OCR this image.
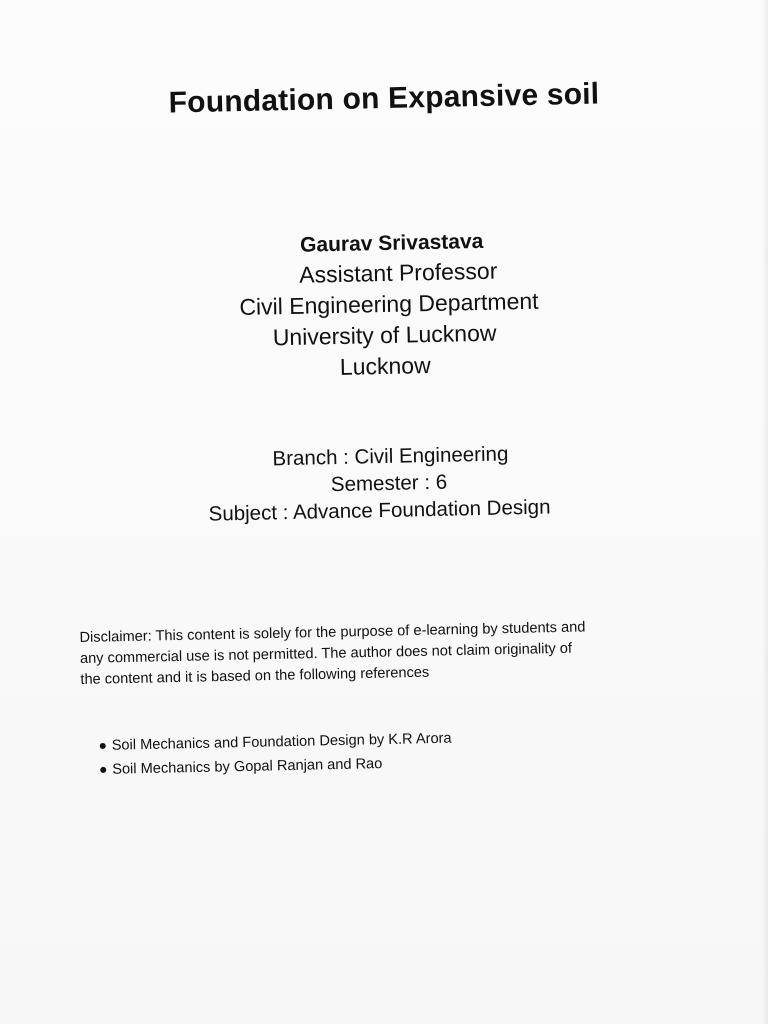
Foundation on Expansive soil
Gaurav Srivastava
Assistant Professor
Civil Engineering Department
University of Lucknow
Lucknow
Branch : Civil Engineering
Semester : 6
Subject : Advance Foundation Design
Disclaimer: This content is solely for the purpose of e-learning by students and
any commercial use is not permitted. The author does not claim originality of
the content and it is based on the following references
Soil Mechanics and Foundation Design by K.R Arora
Soil Mechanics by Gopal Ranjan and Rao
